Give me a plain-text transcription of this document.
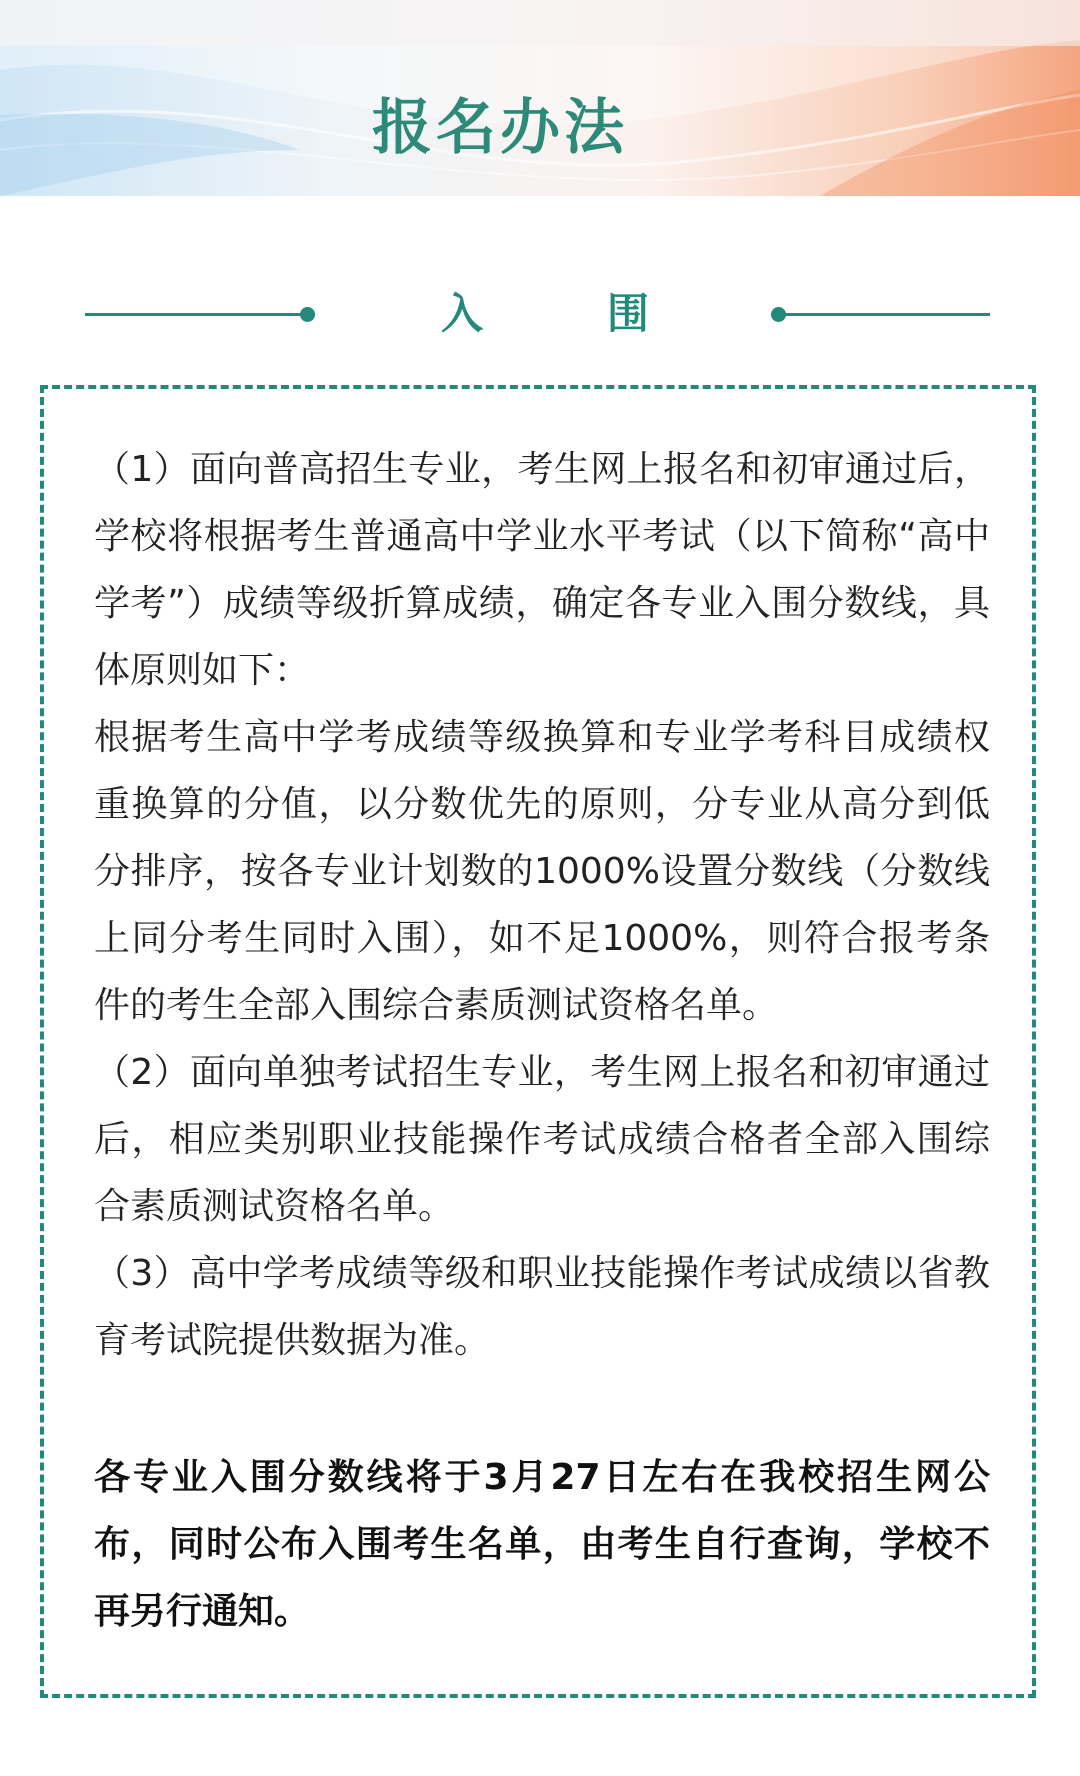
报名办法
入	围

（1）面向普高招生专业，考生网上报名和初审通过后，学校将根据考生普通高中学业水平考试（以下简称“高中学考”）成绩等级折算成绩，确定各专业入围分数线，具体原则如下：

根据考生高中学考成绩等级换算和专业学考科目成绩权重换算的分值，以分数优先的原则，分专业从高分到低分排序，按各专业计划数的1000%设置分数线（分数线上同分考生同时入围），如不足1000%，则符合报考条件的考生全部入围综合素质测试资格名单。

（2）面向单独考试招生专业，考生网上报名和初审通过后，相应类别职业技能操作考试成绩合格者全部入围综合素质测试资格名单。

（3）高中学考成绩等级和职业技能操作考试成绩以省教育考试院提供数据为准。

各专业入围分数线将于3月27日左右在我校招生网公布，同时公布入围考生名单，由考生自行查询，学校不再另行通知。
